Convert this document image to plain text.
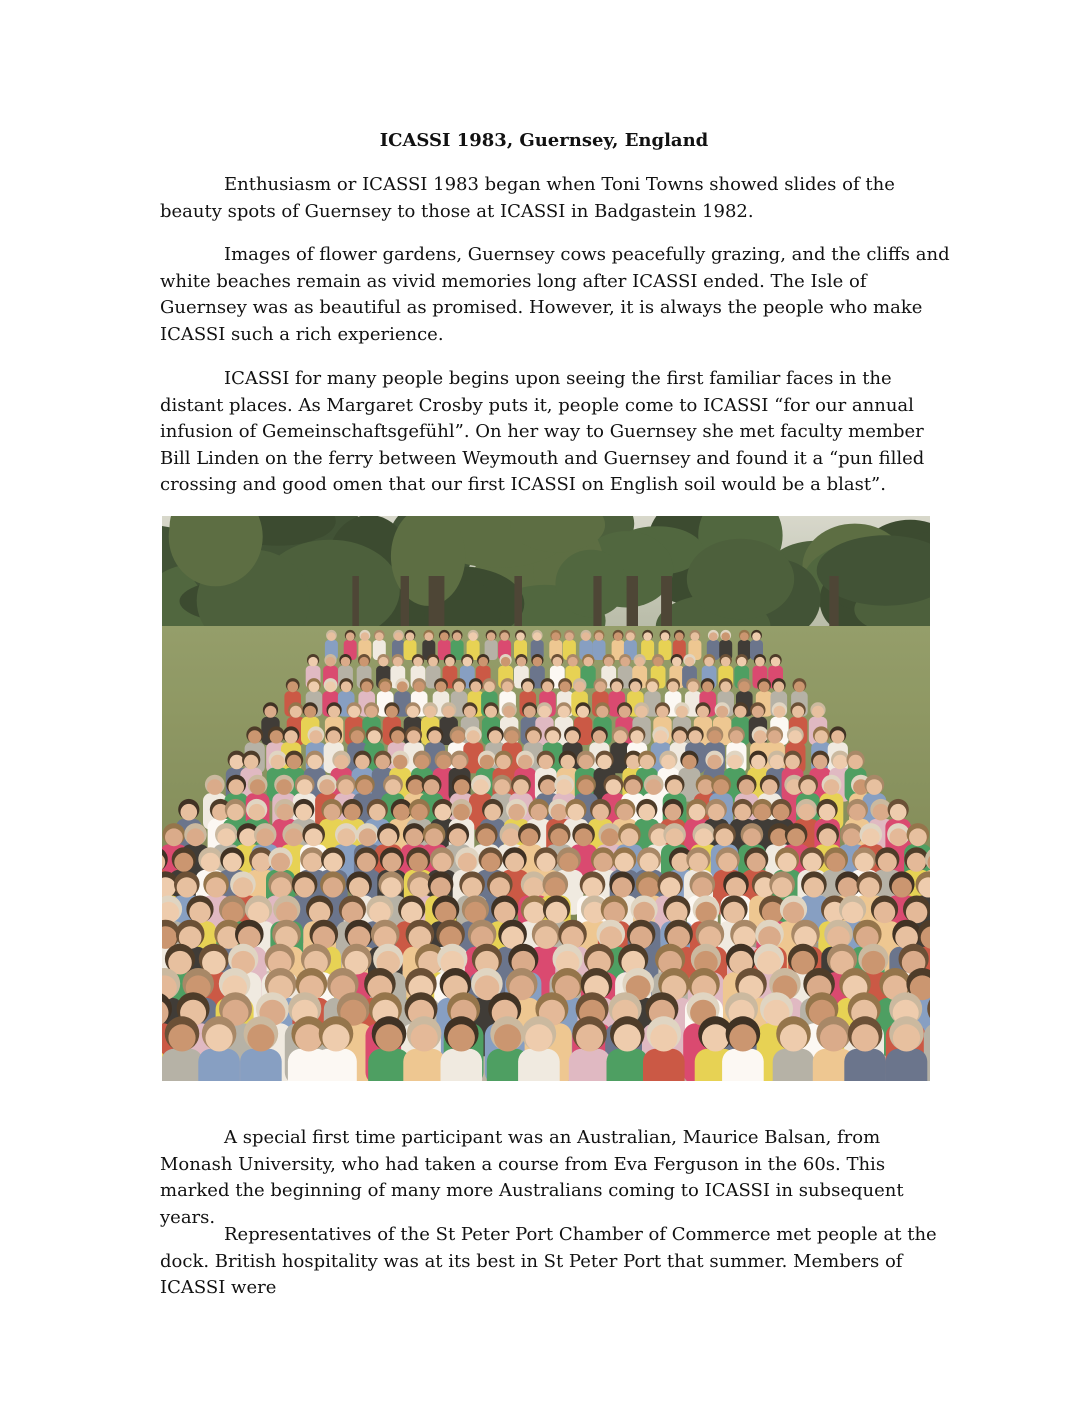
ICASSI 1983, Guernsey, England

Enthusiasm or ICASSI 1983 began when Toni Towns showed slides of the beauty spots of Guernsey to those at ICASSI in Badgastein 1982.

Images of flower gardens, Guernsey cows peacefully grazing, and the cliffs and white beaches remain as vivid memories long after ICASSI ended. The Isle of Guernsey was as beautiful as promised. However, it is always the people who make ICASSI such a rich experience.

ICASSI for many people begins upon seeing the first familiar faces in the distant places. As Margaret Crosby puts it, people come to ICASSI “for our annual infusion of Gemeinschaftsgefühl”. On her way to Guernsey she met faculty member Bill Linden on the ferry between Weymouth and Guernsey and found it a “pun filled crossing and good omen that our first ICASSI on English soil would be a blast”.

A special first time participant was an Australian, Maurice Balsan, from Monash University, who had taken a course from Eva Ferguson in the 60s. This marked the beginning of many more Australians coming to ICASSI in subsequent years.

Representatives of the St Peter Port Chamber of Commerce met people at the dock. British hospitality was at its best in St Peter Port that summer. Members of ICASSI were
